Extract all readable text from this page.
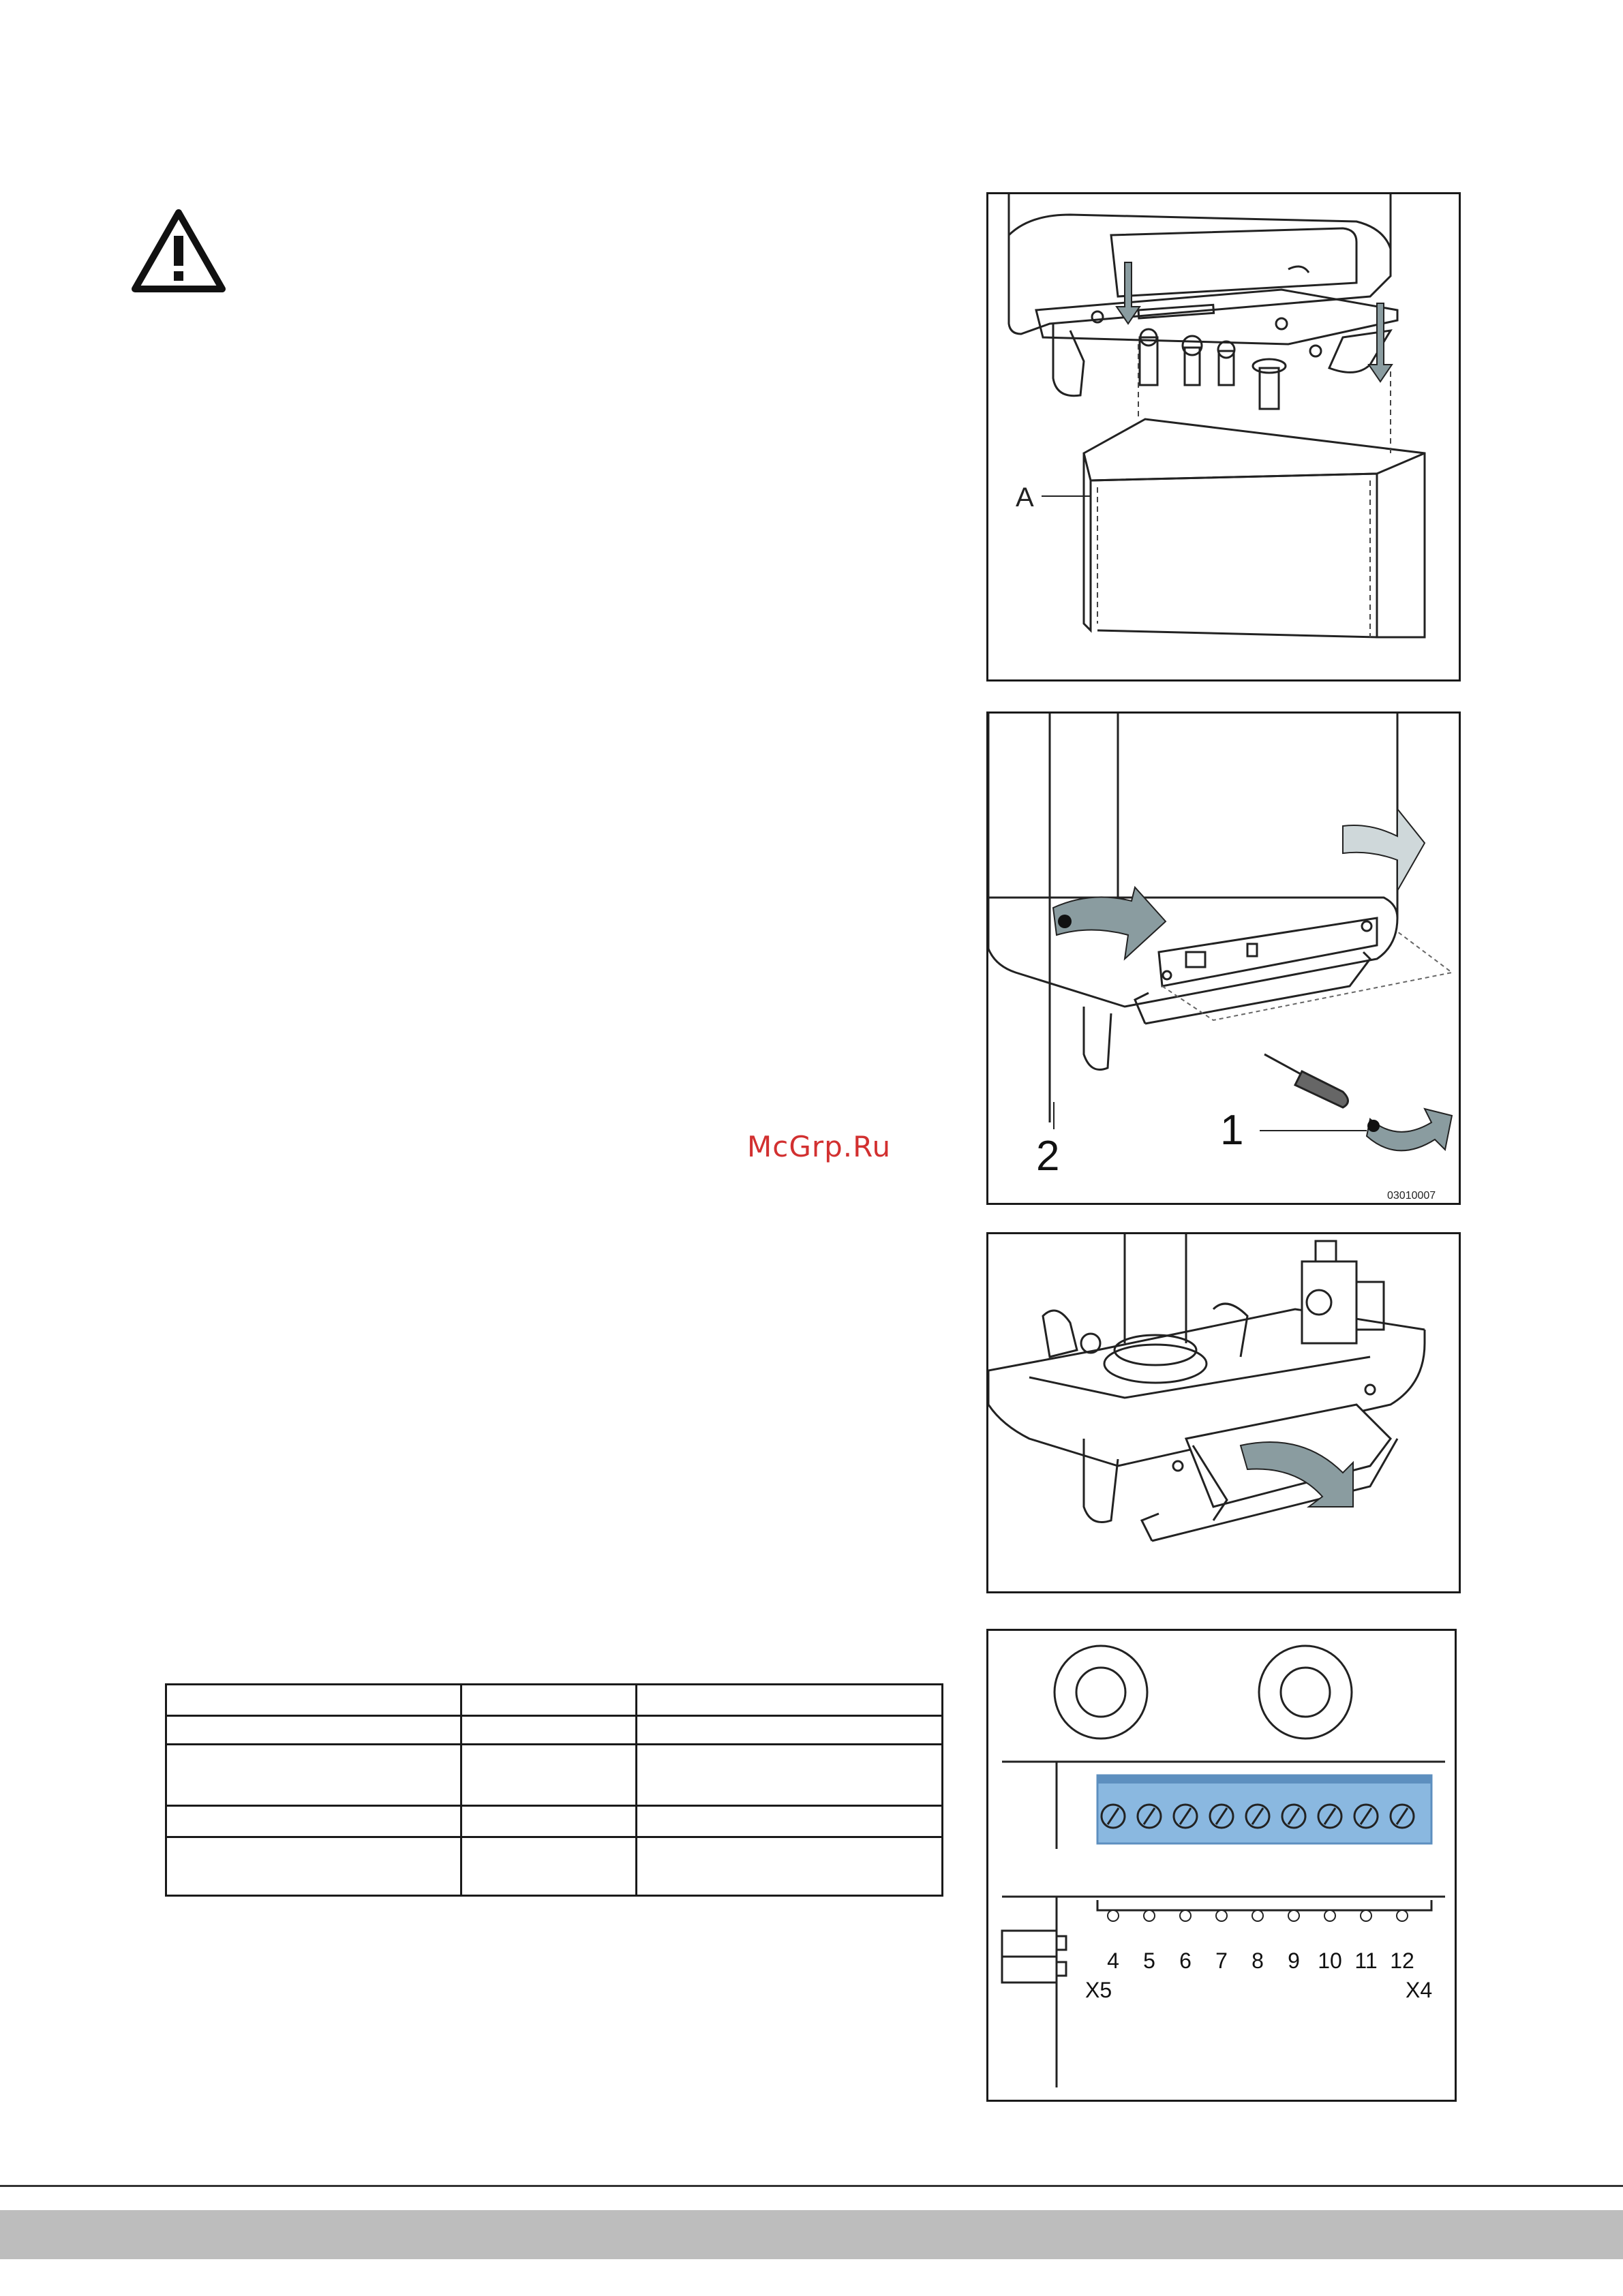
A
1
2
03010007
4 5 6 7 8 9 10 11 12
X5	X4
McGrp.Ru
